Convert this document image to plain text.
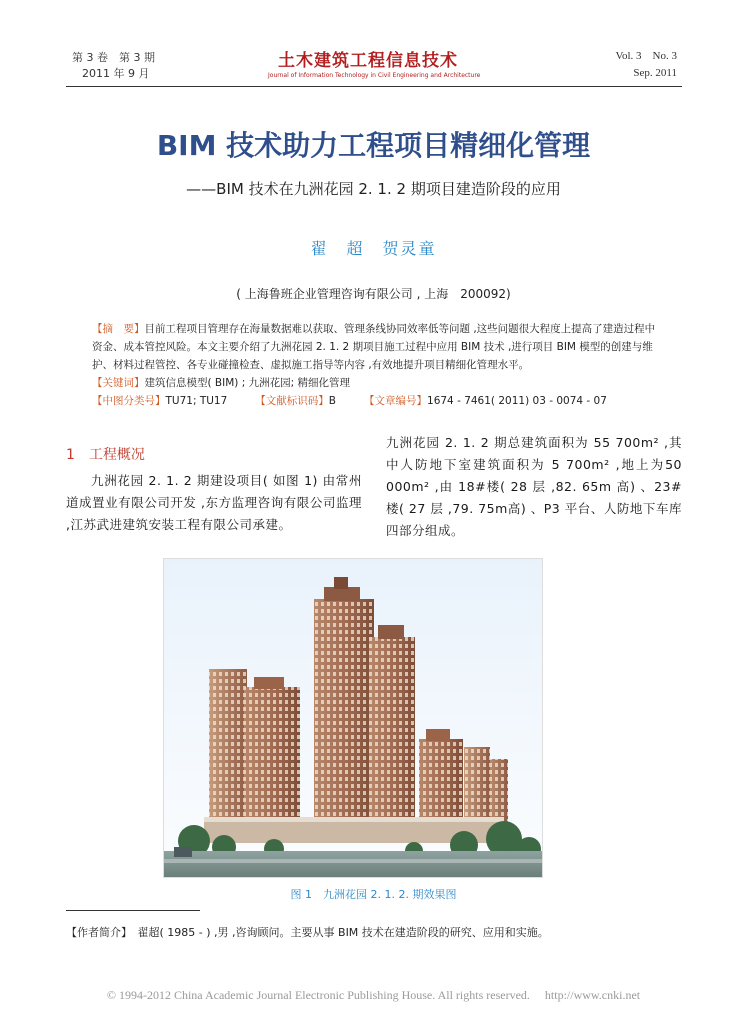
第 3 卷　第 3 期
2011 年 9 月
土木建筑工程信息技术
Journal of Information Technology in Civil Engineering and Architecture
Vol. 3　No. 3
Sep. 2011
BIM 技术助力工程项目精细化管理
——BIM 技术在九洲花园 2. 1. 2 期项目建造阶段的应用
翟　超　贺灵童
( 上海鲁班企业管理咨询有限公司 , 上海　200092)

【摘　要】目前工程项目管理存在海量数据难以获取、管理条线协同效率低等问题 ,这些问题很大程度上提高了建造过程中资金、成本管控风险。本文主要介绍了九洲花园 2. 1. 2 期项目施工过程中应用 BIM 技术 ,进行项目 BIM 模型的创建与维护、材料过程管控、各专业碰撞检查、虚拟施工指导等内容 ,有效地提升项目精细化管理水平。

【关键词】建筑信息模型( BIM) ; 九洲花园; 精细化管理

【中图分类号】TU71; TU17	【文献标识码】B	【文章编号】1674 - 7461( 2011) 03 - 0074 - 07

1　工程概况
九洲花园 2. 1. 2 期建设项目( 如图 1) 由常州道成置业有限公司开发 ,东方监理咨询有限公司监理 ,江苏武进建筑安装工程有限公司承建。
九洲花园 2. 1. 2 期总建筑面积为 55 700m² ,其中人防地下室建筑面积为 5 700m² ,地上为50 000m² ,由 18#楼( 28 层 ,82. 65m 高) 、23#楼( 27 层 ,79. 75m高) 、P3 平台、人防地下车库四部分组成。
图 1　九洲花园 2. 1. 2. 期效果图
【作者简介】　翟超( 1985 - ) ,男 ,咨询顾问。主要从事 BIM 技术在建造阶段的研究、应用和实施。
© 1994-2012 China Academic Journal Electronic Publishing House. All rights reserved.　 http://www.cnki.net
